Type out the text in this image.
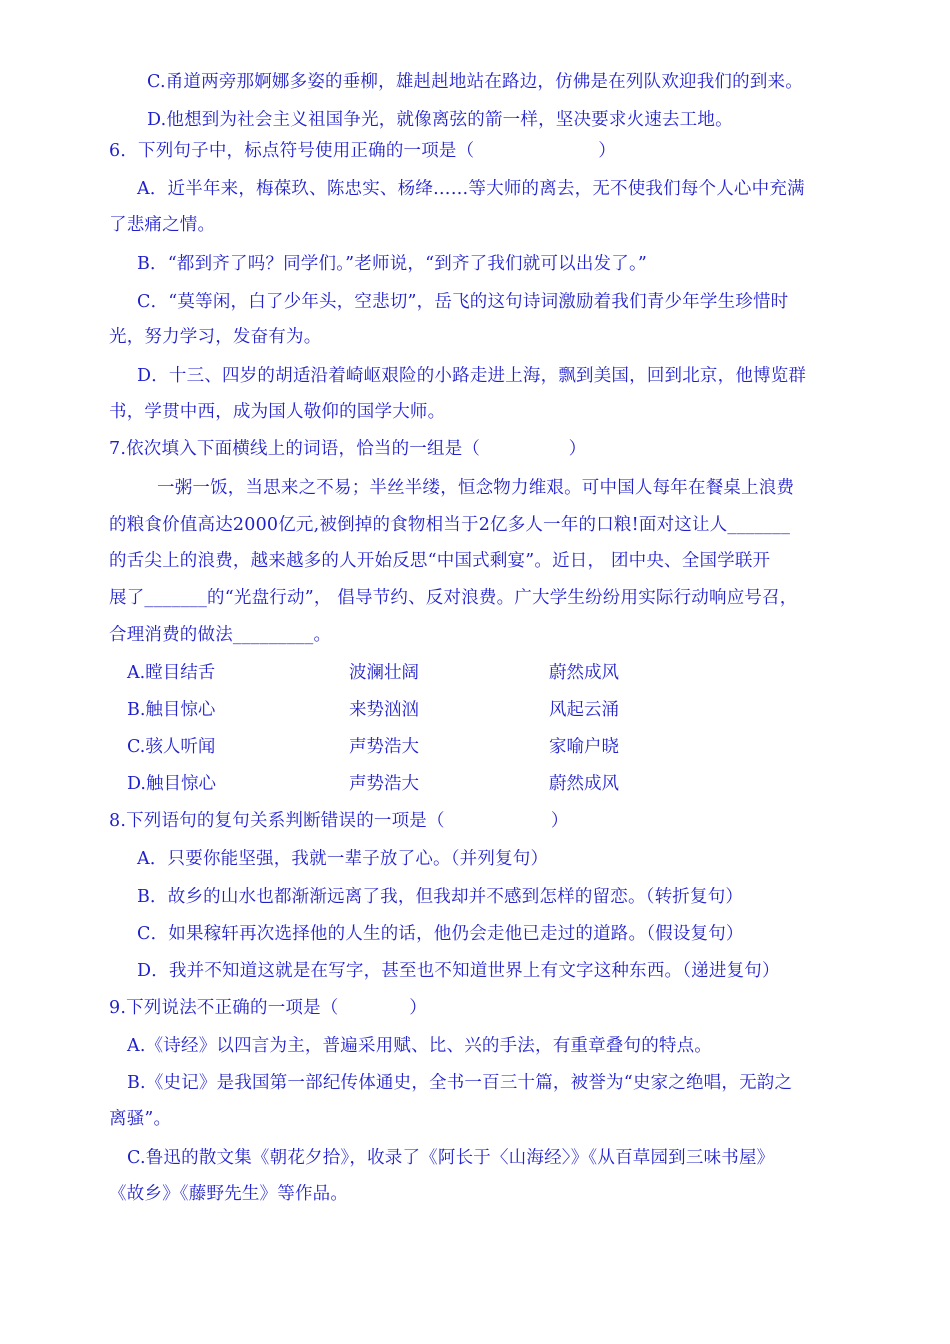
C.甬道两旁那婀娜多姿的垂柳，雄赳赳地站在路边，仿佛是在列队欢迎我们的到来。
D.他想到为社会主义祖国争光，就像离弦的箭一样，坚决要求火速去工地。
6．下列句子中，标点符号使用正确的一项是（　　　　　　　）
A．近半年来，梅葆玖、陈忠实、杨绛……等大师的离去，无不使我们每个人心中充满
了悲痛之情。
B．“都到齐了吗？同学们。”老师说，“到齐了我们就可以出发了。”
C．“莫等闲，白了少年头，空悲切”，岳飞的这句诗词激励着我们青少年学生珍惜时
光，努力学习，发奋有为。
D．十三、四岁的胡适沿着崎岖艰险的小路走进上海，飘到美国，回到北京，他博览群
书，学贯中西，成为国人敬仰的国学大师。
7.依次填入下面横线上的词语，恰当的一组是（　　　　　）
一粥一饭，当思来之不易；半丝半缕，恒念物力维艰。可中国人每年在餐桌上浪费
的粮食价值高达2000亿元,被倒掉的食物相当于2亿多人一年的口粮!面对这让人_______
的舌尖上的浪费，越来越多的人开始反思“中国式剩宴”。近日， 团中央、全国学联开
展了_______的“光盘行动”， 倡导节约、反对浪费。广大学生纷纷用实际行动响应号召，
合理消费的做法_________。
A.瞠目结舌	波澜壮阔	蔚然成风
B.触目惊心	来势汹汹	风起云涌
C.骇人听闻	声势浩大	家喻户晓
D.触目惊心	声势浩大	蔚然成风
8.下列语句的复句关系判断错误的一项是（　　　　　　）
A．只要你能坚强，我就一辈子放了心。（并列复句）
B．故乡的山水也都渐渐远离了我，但我却并不感到怎样的留恋。（转折复句）
C．如果稼轩再次选择他的人生的话，他仍会走他已走过的道路。（假设复句）
D．我并不知道这就是在写字，甚至也不知道世界上有文字这种东西。（递进复句）
9.下列说法不正确的一项是（　　　　）
A.《诗经》以四言为主，普遍采用赋、比、兴的手法，有重章叠句的特点。
B.《史记》是我国第一部纪传体通史，全书一百三十篇，被誉为“史家之绝唱，无韵之
离骚”。
C.鲁迅的散文集《朝花夕拾》，收录了《阿长于〈山海经〉》《从百草园到三味书屋》
《故乡》《藤野先生》等作品。
